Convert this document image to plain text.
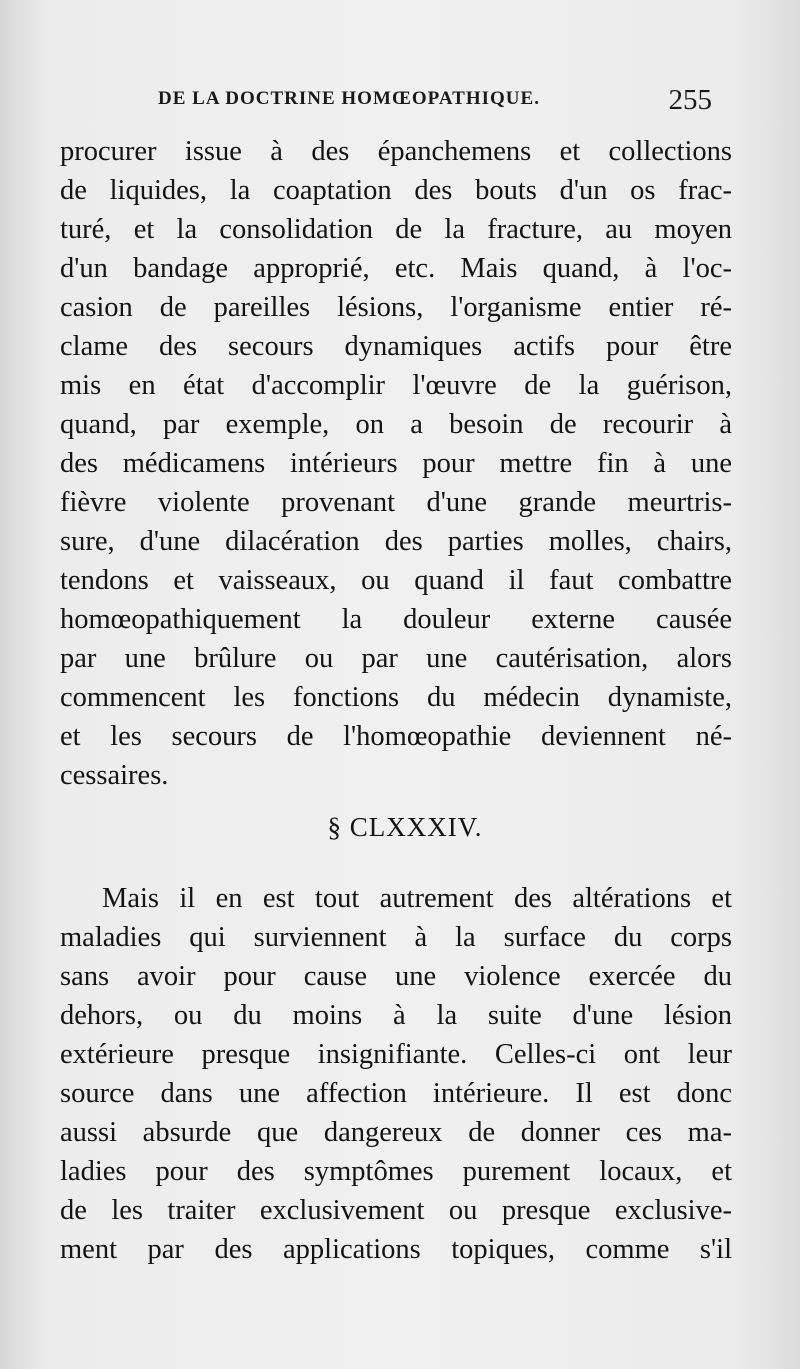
DE LA DOCTRINE HOMŒOPATHIQUE.	255
procurer issue à des épanchemens et collections
de liquides, la coaptation des bouts d'un os frac-
turé, et la consolidation de la fracture, au moyen
d'un bandage approprié, etc. Mais quand, à l'oc-
casion de pareilles lésions, l'organisme entier ré-
clame des secours dynamiques actifs pour être
mis en état d'accomplir l'œuvre de la guérison,
quand, par exemple, on a besoin de recourir à
des médicamens intérieurs pour mettre fin à une
fièvre violente provenant d'une grande meurtris-
sure, d'une dilacération des parties molles, chairs,
tendons et vaisseaux, ou quand il faut combattre
homœopathiquement la douleur externe causée
par une brûlure ou par une cautérisation, alors
commencent les fonctions du médecin dynamiste,
et les secours de l'homœopathie deviennent né-
cessaires.
§ CLXXXIV.
Mais il en est tout autrement des altérations et
maladies qui surviennent à la surface du corps
sans avoir pour cause une violence exercée du
dehors, ou du moins à la suite d'une lésion
extérieure presque insignifiante. Celles-ci ont leur
source dans une affection intérieure. Il est donc
aussi absurde que dangereux de donner ces ma-
ladies pour des symptômes purement locaux, et
de les traiter exclusivement ou presque exclusive-
ment par des applications topiques, comme s'il
